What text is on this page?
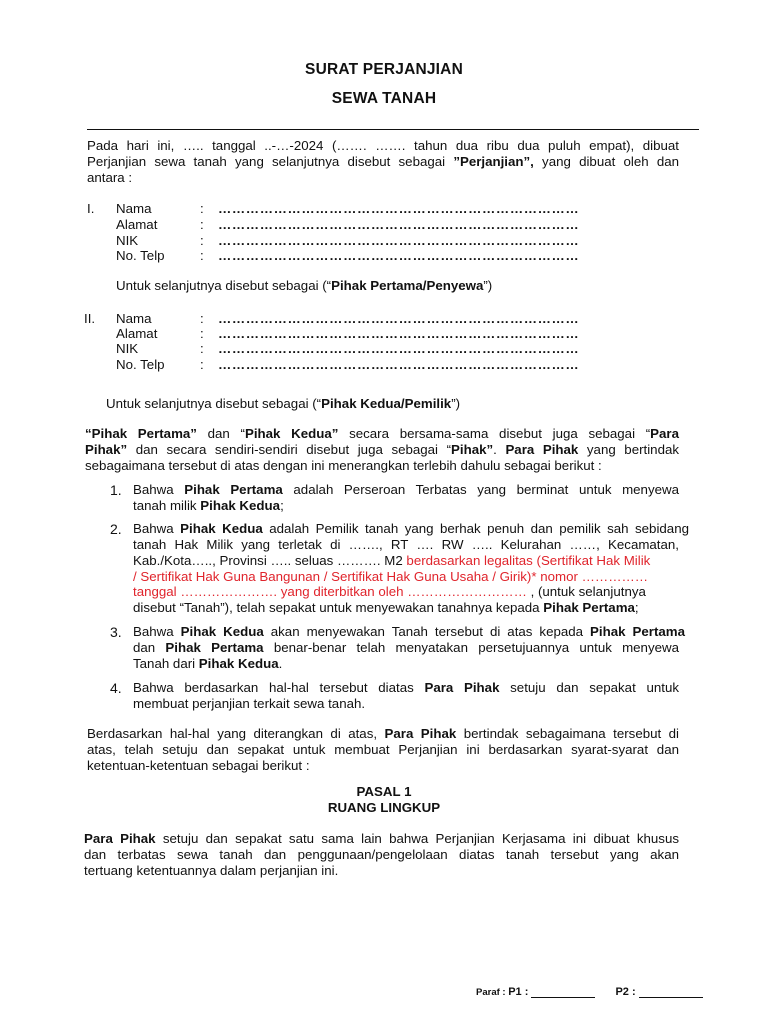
SURAT PERJANJIAN
SEWA TANAH
Pada hari ini, ….. tanggal ..-…-2024 (……. ……. tahun dua ribu dua puluh empat), dibuat
Perjanjian sewa tanah yang selanjutnya disebut sebagai ”Perjanjian”, yang dibuat oleh dan
antara :
I. Nama
Alamat
NIK
No. Telp
:
:
:
:
……………………………………………………………………
……………………………………………………………………
……………………………………………………………………
……………………………………………………………………
Untuk selanjutnya disebut sebagai (“Pihak Pertama/Penyewa”)
II. Nama
Alamat
NIK
No. Telp
:
:
:
:
……………………………………………………………………
……………………………………………………………………
……………………………………………………………………
……………………………………………………………………
Untuk selanjutnya disebut sebagai (“Pihak Kedua/Pemilik”)
“Pihak Pertama” dan “Pihak Kedua” secara bersama-sama disebut juga sebagai “Para
Pihak” dan secara sendiri-sendiri disebut juga sebagai “Pihak”. Para Pihak yang bertindak
sebagaimana tersebut di atas dengan ini menerangkan terlebih dahulu sebagai berikut :
1. Bahwa Pihak Pertama adalah Perseroan Terbatas yang berminat untuk menyewa
tanah milik Pihak Kedua;
2. Bahwa Pihak Kedua adalah Pemilik tanah yang berhak penuh dan pemilik sah sebidang
tanah Hak Milik yang terletak di ……., RT …. RW ….. Kelurahan ……, Kecamatan,
Kab./Kota….., Provinsi ….. seluas ………. M2 berdasarkan legalitas (Sertifikat Hak Milik
/ Sertifikat Hak Guna Bangunan / Sertifikat Hak Guna Usaha / Girik)* nomor ……………
tanggal …………………. yang diterbitkan oleh ……………………… , (untuk selanjutnya
disebut “Tanah”), telah sepakat untuk menyewakan tanahnya kepada Pihak Pertama;
3. Bahwa Pihak Kedua akan menyewakan Tanah tersebut di atas kepada Pihak Pertama
dan Pihak Pertama benar-benar telah menyatakan persetujuannya untuk menyewa
Tanah dari Pihak Kedua.
4. Bahwa berdasarkan hal-hal tersebut diatas Para Pihak setuju dan sepakat untuk
membuat perjanjian terkait sewa tanah.
Berdasarkan hal-hal yang diterangkan di atas, Para Pihak bertindak sebagaimana tersebut di
atas, telah setuju dan sepakat untuk membuat Perjanjian ini berdasarkan syarat-syarat dan
ketentuan-ketentuan sebagai berikut :
PASAL 1
RUANG LINGKUP
Para Pihak setuju dan sepakat satu sama lain bahwa Perjanjian Kerjasama ini dibuat khusus
dan terbatas sewa tanah dan penggunaan/pengelolaan diatas tanah tersebut yang akan
tertuang ketentuannya dalam perjanjian ini.
Paraf : P1 :	P2 :
